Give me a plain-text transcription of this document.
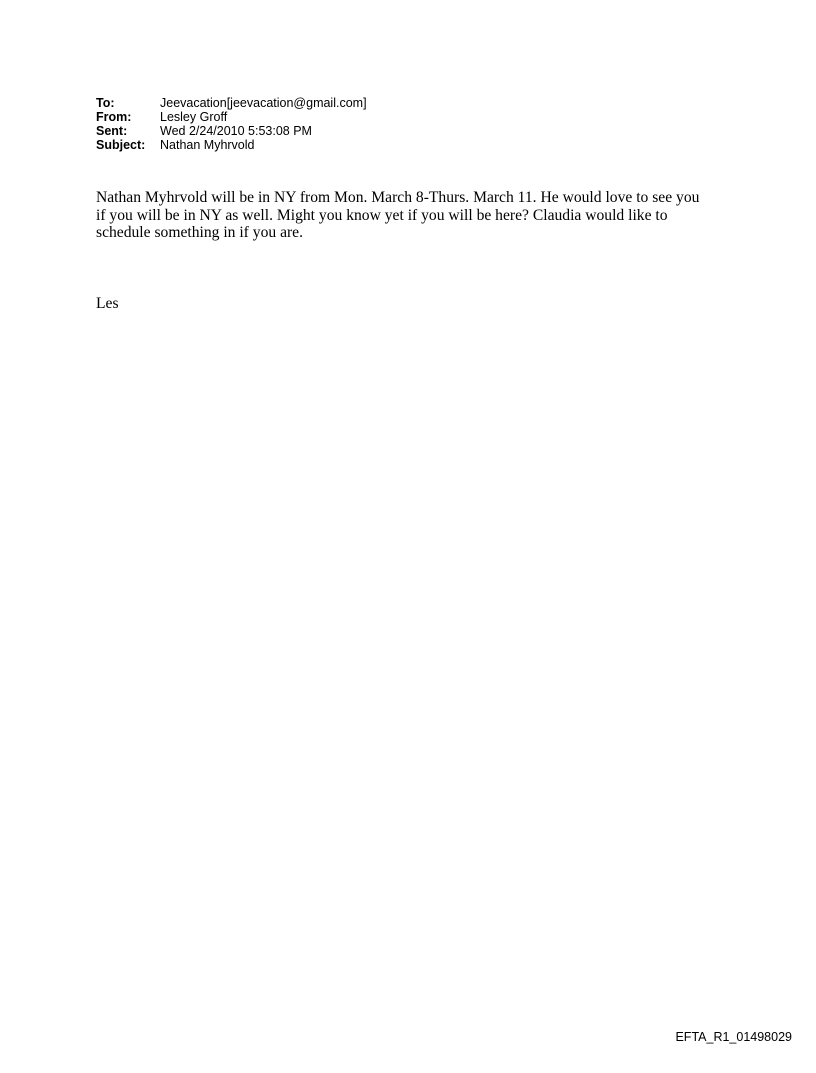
To:	Jeevacation[jeevacation@gmail.com]
From:	Lesley Groff
Sent:	Wed 2/24/2010 5:53:08 PM
Subject:	Nathan Myhrvold
Nathan Myhrvold will be in NY from Mon. March 8-Thurs. March 11. He would love to see you
if you will be in NY as well. Might you know yet if you will be here? Claudia would like to
schedule something in if you are.
Les
EFTA_R1_01498029
